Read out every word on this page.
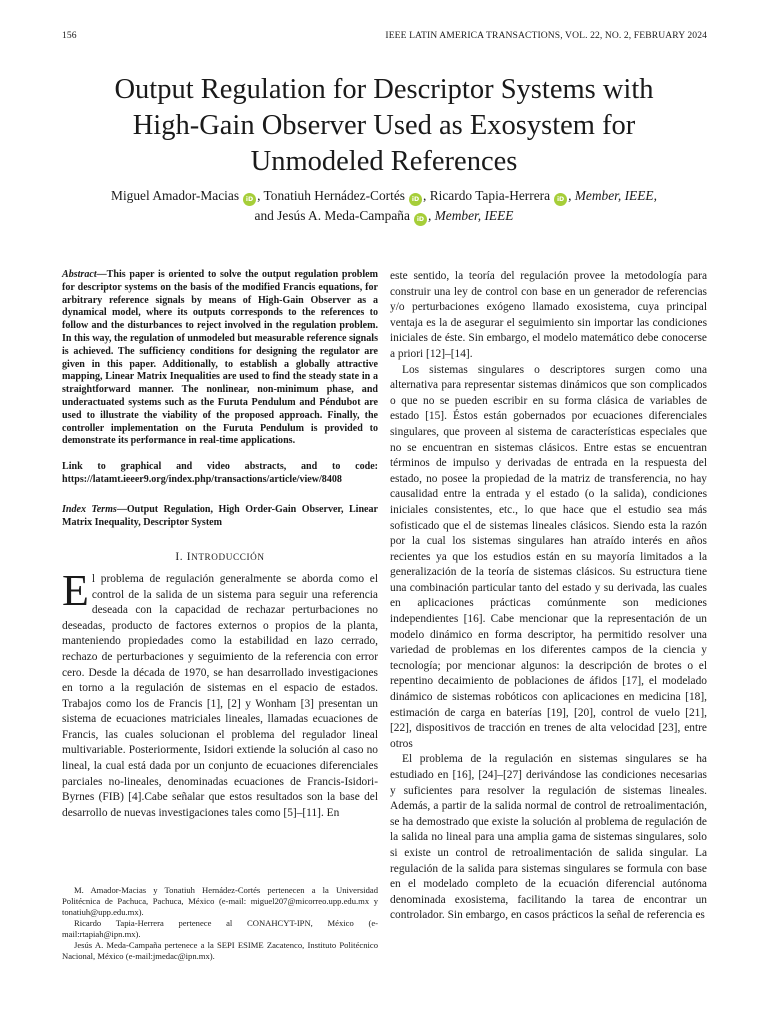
156	IEEE LATIN AMERICA TRANSACTIONS, VOL. 22, NO. 2, FEBRUARY 2024
Output Regulation for Descriptor Systems with
High-Gain Observer Used as Exosystem for
Unmodeled References
Miguel Amador-Macias iD , Tonatiuh Hernádez-Cortés iD , Ricardo Tapia-Herrera iD , Member, IEEE,
and Jesús A. Meda-Campaña iD , Member, IEEE

Abstract—This paper is oriented to solve the output regulation problem for descriptor systems on the basis of the modified Francis equations, for arbitrary reference signals by means of High-Gain Observer as a dynamical model, where its outputs corresponds to the references to follow and the disturbances to reject involved in the regulation problem. In this way, the regulation of unmodeled but measurable reference signals is achieved. The sufficiency conditions for designing the regulator are given in this paper. Additionally, to establish a globally attractive mapping, Linear Matrix Inequalities are used to find the steady state in a straightforward manner. The nonlinear, non-minimum phase, and underactuated systems such as the Furuta Pendulum and Péndubot are used to illustrate the viability of the proposed approach. Finally, the controller implementation on the Furuta Pendulum is provided to demonstrate its performance in real-time applications.

Link to graphical and video abstracts, and to code: https://latamt.ieeer9.org/index.php/transactions/article/view/8408

Index Terms—Output Regulation, High Order-Gain Observer, Linear Matrix Inequality, Descriptor System

I. INTRODUCCIÓN

El problema de regulación generalmente se aborda como el control de la salida de un sistema para seguir una referencia deseada con la capacidad de rechazar perturbaciones no deseadas, producto de factores externos o propios de la planta, manteniendo propiedades como la estabilidad en lazo cerrado, rechazo de perturbaciones y seguimiento de la referencia con error cero. Desde la década de 1970, se han desarrollado investigaciones en torno a la regulación de sistemas en el espacio de estados. Trabajos como los de Francis [1], [2] y Wonham [3] presentan un sistema de ecuaciones matriciales lineales, llamadas ecuaciones de Francis, las cuales solucionan el problema del regulador lineal multivariable. Posteriormente, Isidori extiende la solución al caso no lineal, la cual está dada por un conjunto de ecuaciones diferenciales parciales no-lineales, denominadas ecuaciones de Francis-Isidori-Byrnes (FIB) [4].Cabe señalar que estos resultados son la base del desarrollo de nuevas investigaciones tales como [5]–[11]. En

M. Amador-Macias y Tonatiuh Hernádez-Cortés pertenecen a la Universidad Politécnica de Pachuca, Pachuca, México (e-mail: miguel207@micorreo.upp.edu.mx y tonatiuh@upp.edu.mx).

Ricardo Tapia-Herrera pertenece al CONAHCYT-IPN, México (e-mail:rtapiah@ipn.mx).

Jesús A. Meda-Campaña pertenece a la SEPI ESIME Zacatenco, Instituto Politécnico Nacional, México (e-mail:jmedac@ipn.mx).

este sentido, la teoría del regulación provee la metodología para construir una ley de control con base en un generador de referencias y/o perturbaciones exógeno llamado exosistema, cuya principal ventaja es la de asegurar el seguimiento sin importar las condiciones iniciales de éste. Sin embargo, el modelo matemático debe conocerse a priori [12]–[14].

Los sistemas singulares o descriptores surgen como una alternativa para representar sistemas dinámicos que son complicados o que no se pueden escribir en su forma clásica de variables de estado [15]. Éstos están gobernados por ecuaciones diferenciales singulares, que proveen al sistema de características especiales que no se encuentran en sistemas clásicos. Entre estas se encuentran términos de impulso y derivadas de entrada en la respuesta del estado, no posee la propiedad de la matriz de transferencia, no hay causalidad entre la entrada y el estado (o la salida), condiciones iniciales consistentes, etc., lo que hace que el estudio sea más sofisticado que el de sistemas lineales clásicos. Siendo esta la razón por la cual los sistemas singulares han atraído interés en años recientes ya que los estudios están en su mayoría limitados a la generalización de la teoría de sistemas clásicos. Su estructura tiene una combinación particular tanto del estado y su derivada, las cuales en aplicaciones prácticas comúnmente son mediciones independientes [16]. Cabe mencionar que la representación de un modelo dinámico en forma descriptor, ha permitido resolver una variedad de problemas en los diferentes campos de la ciencia y tecnología; por mencionar algunos: la descripción de brotes o el repentino decaimiento de poblaciones de áfidos [17], el modelado dinámico de sistemas robóticos con aplicaciones en medicina [18], estimación de carga en baterías [19], [20], control de vuelo [21], [22], dispositivos de tracción en trenes de alta velocidad [23], entre otros

El problema de la regulación en sistemas singulares se ha estudiado en [16], [24]–[27] derivándose las condiciones necesarias y suficientes para resolver la regulación de sistemas lineales. Además, a partir de la salida normal de control de retroalimentación, se ha demostrado que existe la solución al problema de regulación de la salida no lineal para una amplia gama de sistemas singulares, solo si existe un control de retroalimentación de salida singular. La regulación de la salida para sistemas singulares se formula con base en el modelado completo de la ecuación diferencial autónoma denominada exosistema, facilitando la tarea de encontrar un controlador. Sin embargo, en casos prácticos la señal de referencia es
